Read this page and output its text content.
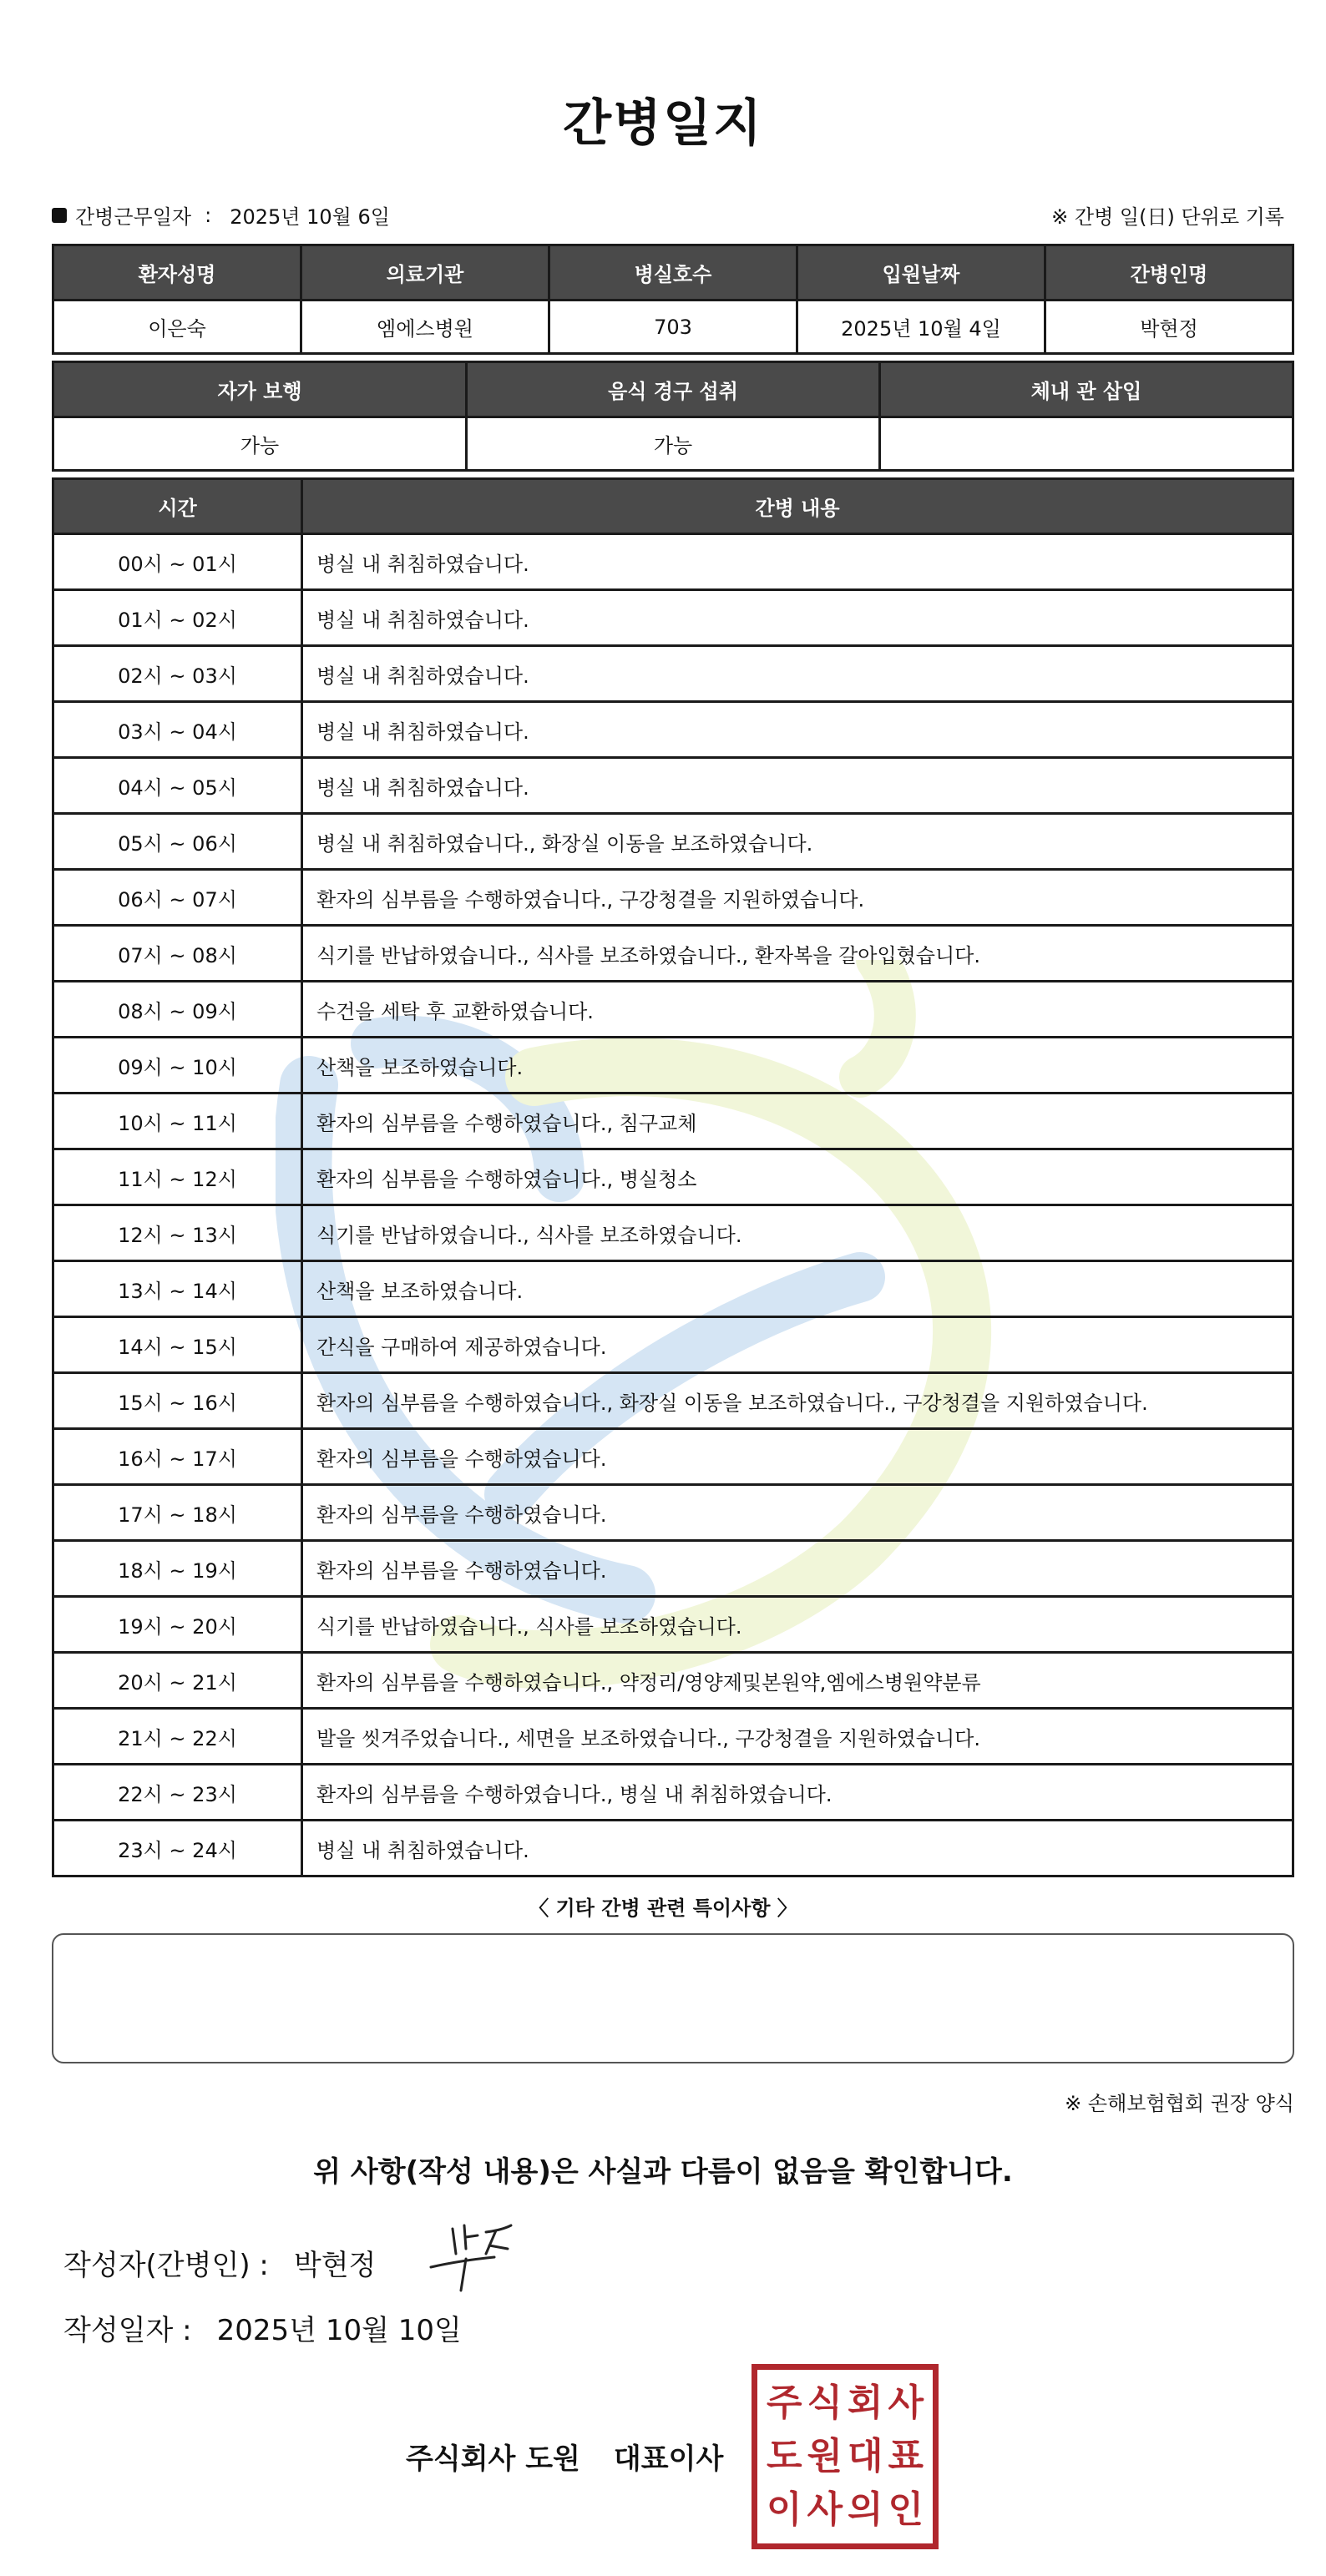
간병일지
간병근무일자 : 2025년 10월 6일	※ 간병 일(日) 단위로 기록
환자성명	의료기관	병실호수	입원날짜	간병인명
이은숙	엠에스병원	703	2025년 10월 4일	박현정
자가 보행	음식 경구 섭취	체내 관 삽입
가능	가능	
시간	간병 내용
00시 ~ 01시	병실 내 취침하였습니다.
01시 ~ 02시	병실 내 취침하였습니다.
02시 ~ 03시	병실 내 취침하였습니다.
03시 ~ 04시	병실 내 취침하였습니다.
04시 ~ 05시	병실 내 취침하였습니다.
05시 ~ 06시	병실 내 취침하였습니다., 화장실 이동을 보조하였습니다.
06시 ~ 07시	환자의 심부름을 수행하였습니다., 구강청결을 지원하였습니다.
07시 ~ 08시	식기를 반납하였습니다., 식사를 보조하였습니다., 환자복을 갈아입혔습니다.
08시 ~ 09시	수건을 세탁 후 교환하였습니다.
09시 ~ 10시	산책을 보조하였습니다.
10시 ~ 11시	환자의 심부름을 수행하였습니다., 침구교체
11시 ~ 12시	환자의 심부름을 수행하였습니다., 병실청소
12시 ~ 13시	식기를 반납하였습니다., 식사를 보조하였습니다.
13시 ~ 14시	산책을 보조하였습니다.
14시 ~ 15시	간식을 구매하여 제공하였습니다.
15시 ~ 16시	환자의 심부름을 수행하였습니다., 화장실 이동을 보조하였습니다., 구강청결을 지원하였습니다.
16시 ~ 17시	환자의 심부름을 수행하였습니다.
17시 ~ 18시	환자의 심부름을 수행하였습니다.
18시 ~ 19시	환자의 심부름을 수행하였습니다.
19시 ~ 20시	식기를 반납하였습니다., 식사를 보조하였습니다.
20시 ~ 21시	환자의 심부름을 수행하였습니다., 약정리/영양제및본원약,엠에스병원약분류
21시 ~ 22시	발을 씻겨주었습니다., 세면을 보조하였습니다., 구강청결을 지원하였습니다.
22시 ~ 23시	환자의 심부름을 수행하였습니다., 병실 내 취침하였습니다.
23시 ~ 24시	병실 내 취침하였습니다.
〈 기타 간병 관련 특이사항 〉
※ 손해보험협회 권장 양식
위 사항(작성 내용)은 사실과 다름이 없음을 확인합니다.
작성자(간병인) : 박현정
작성일자 : 2025년 10월 10일
주식회사 도원 대표이사
주 식 회 사
도 원 대 표
이 사 의 인
